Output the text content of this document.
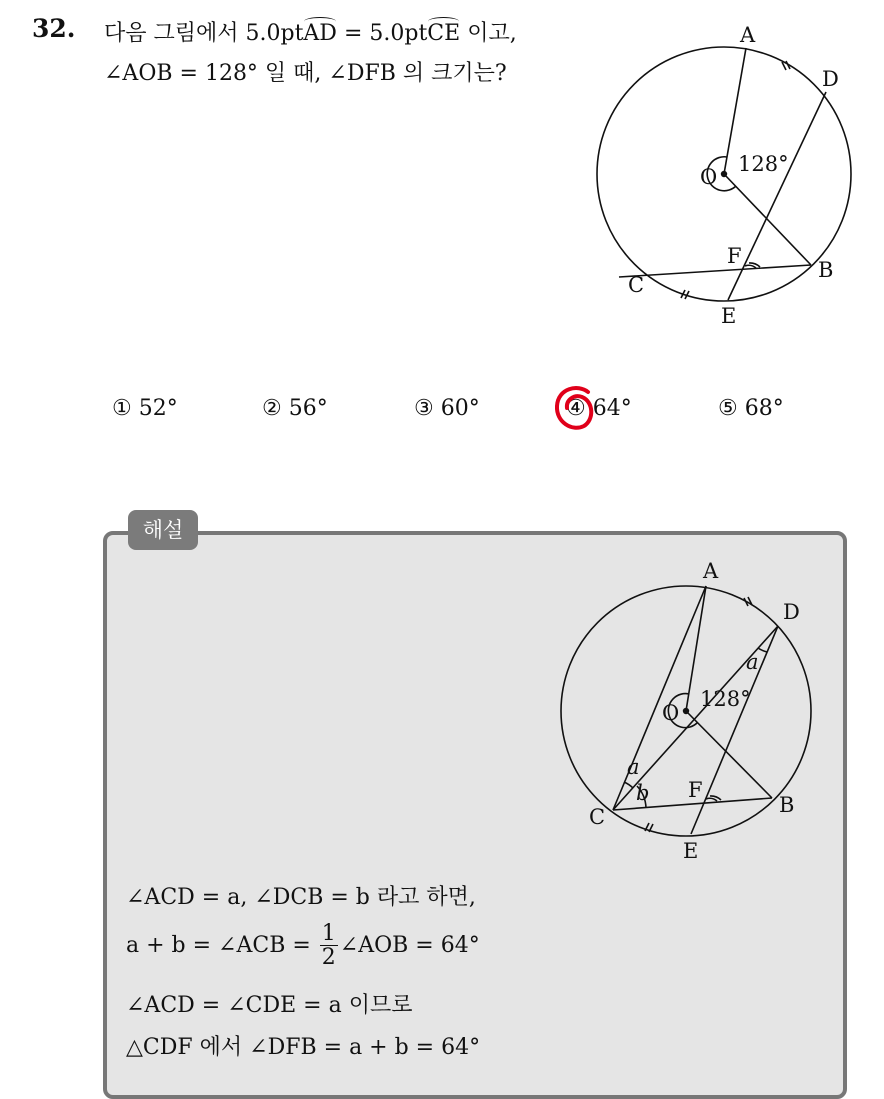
32. 다음 그림에서 5.0ptAD = 5.0ptCE 이고,
∠AOB = 128° 일 때, ∠DFB 의 크기는?
A
D
O
128°
F
B
C
E
① 52°	② 56°	③ 60°	④ 64°	⑤ 68°
해설
A
D
O
128°
F
B
C
E
a
a
b
∠ACD = a, ∠DCB = b 라고 하면,
a + b = ∠ACB = $\frac{1}{2}$ ∠AOB = 64°
∠ACD = ∠CDE = a 이므로
△CDF 에서 ∠DFB = a + b = 64°
